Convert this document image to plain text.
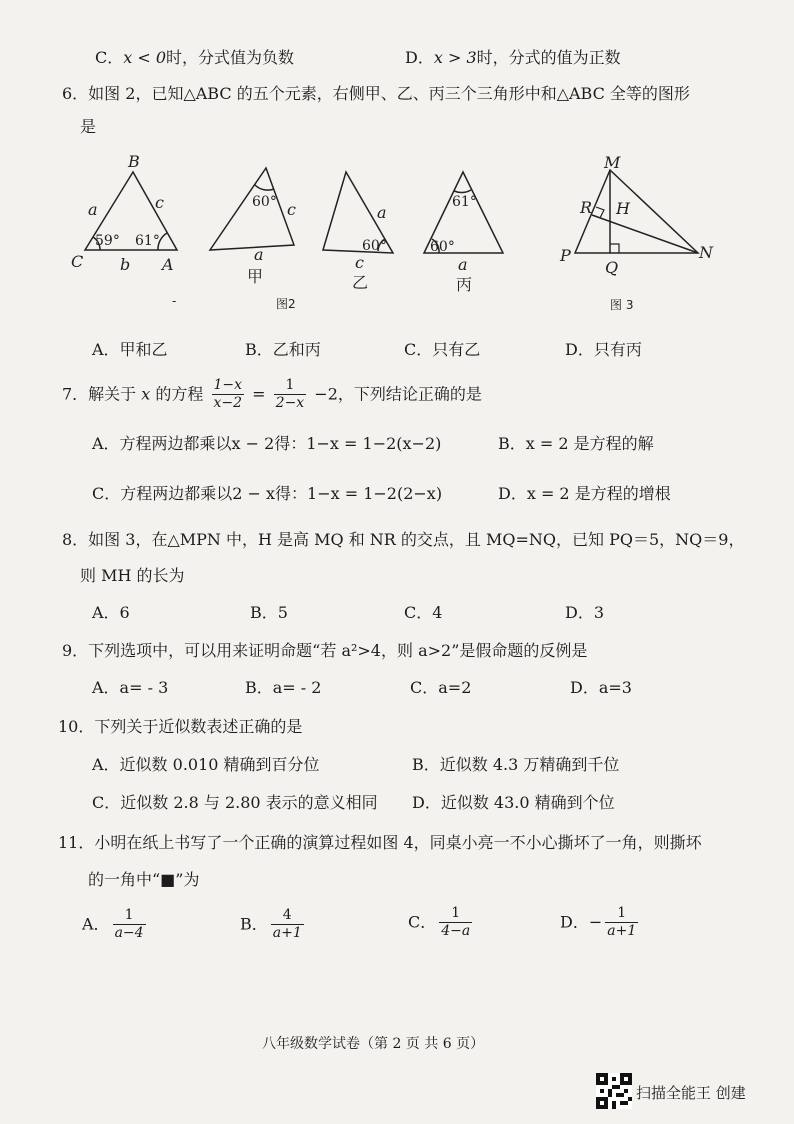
C．x < 0时，分式值为负数	D．x > 3时，分式的值为正数
6．如图 2，已知△ABC 的五个元素，右侧甲、乙、丙三个三角形中和△ABC 全等的图形
是
B
a	c
C b A
c
a
a
c	a
M
R H
P
Q
N
59° 61°
60°
60°
61°
60°
甲	乙	丙
图2	图 3
-
A．甲和乙	B．乙和丙	C．只有乙	D．只有丙
7．解关于 x 的方程 $\frac{1-x}{x-2} = \frac{1}{2-x} -2$，下列结论正确的是
A．方程两边都乘以x − 2得：1−x = 1−2(x−2)	B．x = 2 是方程的解
C．方程两边都乘以2 − x得：1−x = 1−2(2−x)	D．x = 2 是方程的增根
8．如图 3，在△MPN 中，H 是高 MQ 和 NR 的交点，且 MQ=NQ，已知 PQ＝5，NQ＝9，
则 MH 的长为
A．6	B．5	C．4	D．3
9．下列选项中，可以用来证明命题“若 a²>4，则 a>2”是假命题的反例是
A．a= - 3	B．a= - 2	C．a=2	D．a=3
10．下列关于近似数表述正确的是
A．近似数 0.010 精确到百分位	B．近似数 4.3 万精确到千位
C．近似数 2.8 与 2.80 表示的意义相同 D．近似数 43.0 精确到个位
11．小明在纸上书写了一个正确的演算过程如图 4，同桌小亮一不小心撕坏了一角，则撕坏
的一角中“■”为
A． $\frac{1}{a-4}$	B． $\frac{4}{a+1}$	C． $\frac{1}{4-a}$	D．− $\frac{1}{a+1}$
八年级数学试卷（第 2 页 共 6 页）
扫描全能王 创建
